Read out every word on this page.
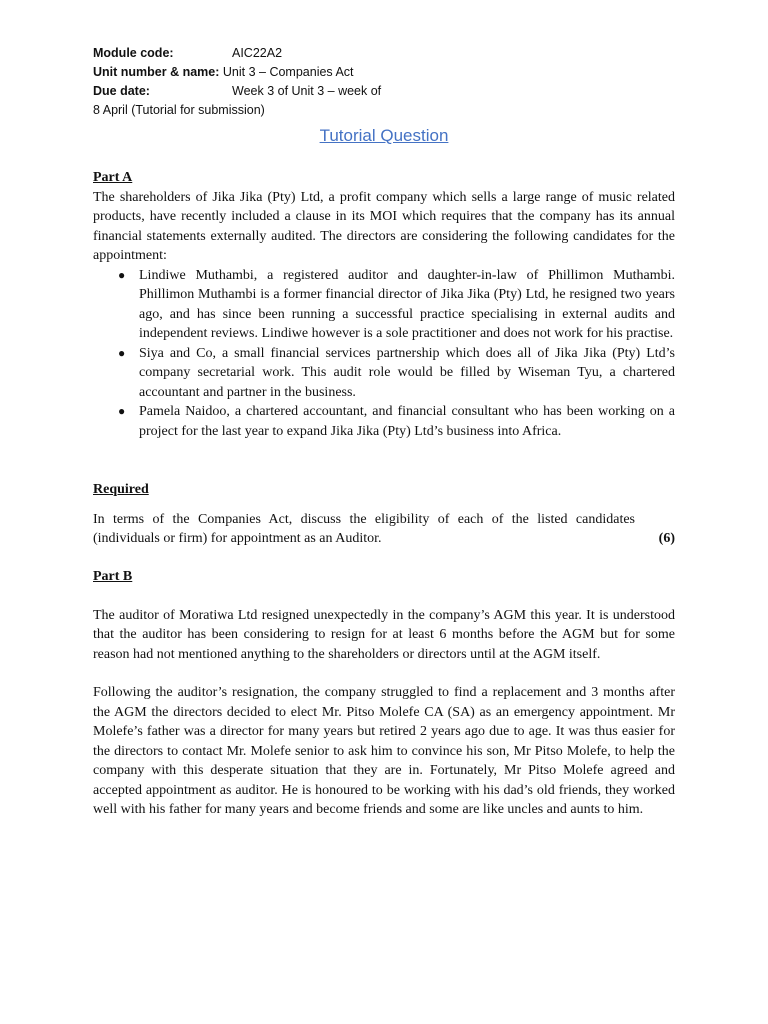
Module code:	AIC22A2
Unit number & name: Unit 3 – Companies Act
Due date:	Week 3 of Unit 3 – week of
8 April (Tutorial for submission)
Tutorial Question
Part A
The shareholders of Jika Jika (Pty) Ltd, a profit company which sells a large range of music related products, have recently included a clause in its MOI which requires that the company has its annual financial statements externally audited. The directors are considering the following candidates for the appointment:
● Lindiwe Muthambi, a registered auditor and daughter-in-law of Phillimon Muthambi. Phillimon Muthambi is a former financial director of Jika Jika (Pty) Ltd, he resigned two years ago, and has since been running a successful practice specialising in external audits and independent reviews. Lindiwe however is a sole practitioner and does not work for his practise.
● Siya and Co, a small financial services partnership which does all of Jika Jika (Pty) Ltd’s company secretarial work. This audit role would be filled by Wiseman Tyu, a chartered accountant and partner in the business.
● Pamela Naidoo, a chartered accountant, and financial consultant who has been working on a project for the last year to expand Jika Jika (Pty) Ltd’s business into Africa.
Required
In terms of the Companies Act, discuss the eligibility of each of the listed candidates (individuals or firm) for appointment as an Auditor.	(6)
Part B
The auditor of Moratiwa Ltd resigned unexpectedly in the company’s AGM this year. It is understood that the auditor has been considering to resign for at least 6 months before the AGM but for some reason had not mentioned anything to the shareholders or directors until at the AGM itself.
Following the auditor’s resignation, the company struggled to find a replacement and 3 months after the AGM the directors decided to elect Mr. Pitso Molefe CA (SA) as an emergency appointment. Mr Molefe’s father was a director for many years but retired 2 years ago due to age. It was thus easier for the directors to contact Mr. Molefe senior to ask him to convince his son, Mr Pitso Molefe, to help the company with this desperate situation that they are in. Fortunately, Mr Pitso Molefe agreed and accepted appointment as auditor. He is honoured to be working with his dad’s old friends, they worked well with his father for many years and become friends and some are like uncles and aunts to him.
